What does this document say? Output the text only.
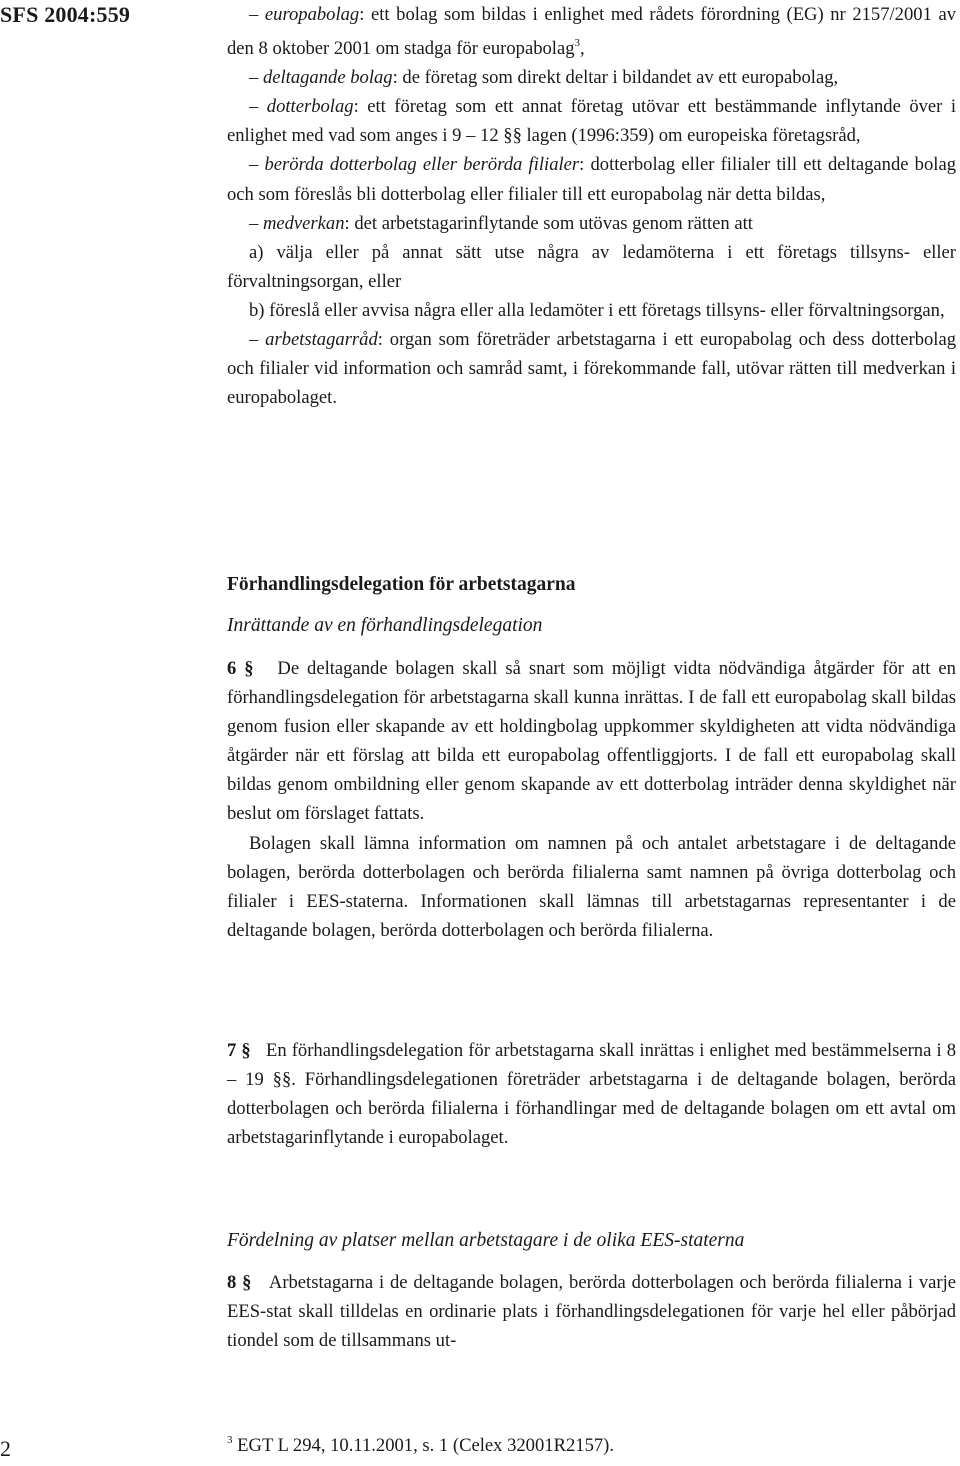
SFS 2004:559	– europabolag: ett bolag som bildas i enlighet med rådets förordning (EG) nr 2157/2001 av den 8 oktober 2001 om stadga för europabolag$^3$,

– deltagande bolag: de företag som direkt deltar i bildandet av ett europabolag,

– dotterbolag: ett företag som ett annat företag utövar ett bestämmande inflytande över i enlighet med vad som anges i 9 – 12 §§ lagen (1996:359) om europeiska företagsråd,

– berörda dotterbolag eller berörda filialer: dotterbolag eller filialer till ett deltagande bolag och som föreslås bli dotterbolag eller filialer till ett europabolag när detta bildas,

– medverkan: det arbetstagarinflytande som utövas genom rätten att

a) välja eller på annat sätt utse några av ledamöterna i ett företags tillsyns- eller förvaltningsorgan, eller

b) föreslå eller avvisa några eller alla ledamöter i ett företags tillsyns- eller förvaltningsorgan,

– arbetstagarråd: organ som företräder arbetstagarna i ett europabolag och dess dotterbolag och filialer vid information och samråd samt, i förekommande fall, utövar rätten till medverkan i europabolaget.

Förhandlingsdelegation för arbetstagarna

Inrättande av en förhandlingsdelegation

6 § De deltagande bolagen skall så snart som möjligt vidta nödvändiga åtgärder för att en förhandlingsdelegation för arbetstagarna skall kunna inrättas. I de fall ett europabolag skall bildas genom fusion eller skapande av ett holdingbolag uppkommer skyldigheten att vidta nödvändiga åtgärder när ett förslag att bilda ett europabolag offentliggjorts. I de fall ett europabolag skall bildas genom ombildning eller genom skapande av ett dotterbolag inträder denna skyldighet när beslut om förslaget fattats.

Bolagen skall lämna information om namnen på och antalet arbetstagare i de deltagande bolagen, berörda dotterbolagen och berörda filialerna samt namnen på övriga dotterbolag och filialer i EES-staterna. Informationen skall lämnas till arbetstagarnas representanter i de deltagande bolagen, berörda dotterbolagen och berörda filialerna.

7 § En förhandlingsdelegation för arbetstagarna skall inrättas i enlighet med bestämmelserna i 8 – 19 §§. Förhandlingsdelegationen företräder arbetstagarna i de deltagande bolagen, berörda dotterbolagen och berörda filialerna i förhandlingar med de deltagande bolagen om ett avtal om arbetstagarinflytande i europabolaget.

Fördelning av platser mellan arbetstagare i de olika EES-staterna

8 § Arbetstagarna i de deltagande bolagen, berörda dotterbolagen och berörda filialerna i varje EES-stat skall tilldelas en ordinarie plats i förhandlingsdelegationen för varje hel eller påbörjad tiondel som de tillsammans ut-

2	$^3$ EGT L 294, 10.11.2001, s. 1 (Celex 32001R2157).
